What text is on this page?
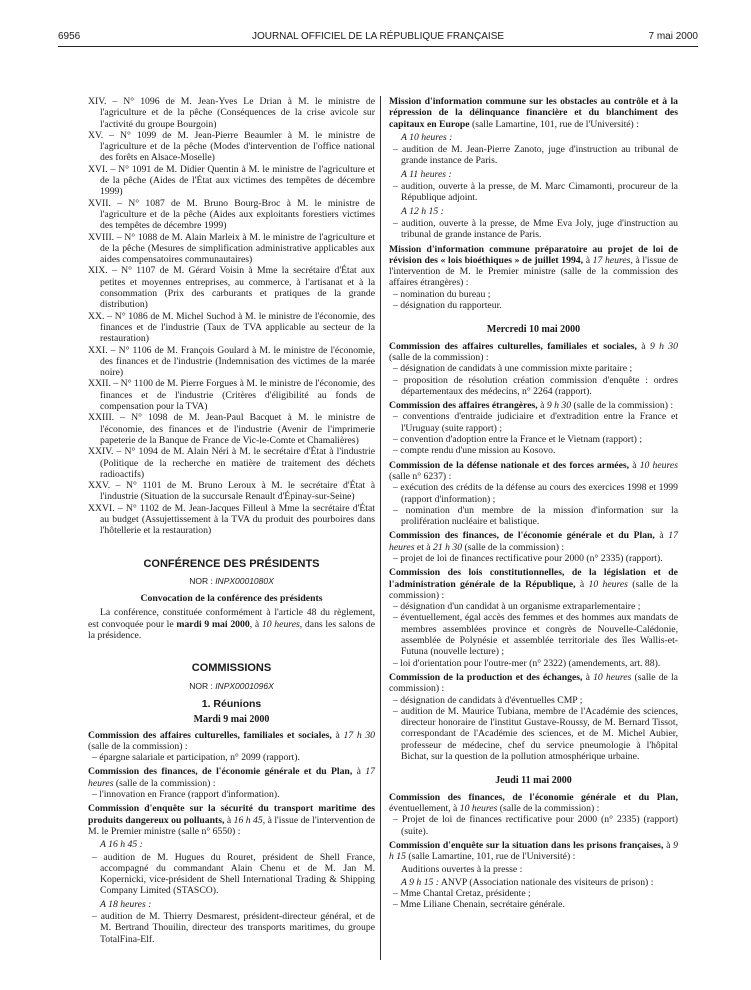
6956	JOURNAL OFFICIEL DE LA RÉPUBLIQUE FRANÇAISE	7 mai 2000

XIV. – N° 1096 de M. Jean-Yves Le Drian à M. le ministre de l'agriculture et de la pêche (Conséquences de la crise avicole sur l'activité du groupe Bourgoin)

XV. – N° 1099 de M. Jean-Pierre Beaumler à M. le ministre de l'agriculture et de la pêche (Modes d'intervention de l'office national des forêts en Alsace-Moselle)

XVI. – N° 1091 de M. Didier Quentin à M. le ministre de l'agriculture et de la pêche (Aides de l'État aux victimes des tempêtes de décembre 1999)

XVII. – N° 1087 de M. Bruno Bourg-Broc à M. le ministre de l'agriculture et de la pêche (Aides aux exploitants forestiers victimes des tempêtes de décembre 1999)

XVIII. – N° 1088 de M. Alain Marleix à M. le ministre de l'agriculture et de la pêche (Mesures de simplification administrative applicables aux aides compensatoires communautaires)

XIX. – N° 1107 de M. Gérard Voisin à Mme la secrétaire d'État aux petites et moyennes entreprises, au commerce, à l'artisanat et à la consommation (Prix des carburants et pratiques de la grande distribution)

XX. – N° 1086 de M. Michel Suchod à M. le ministre de l'économie, des finances et de l'industrie (Taux de TVA applicable au secteur de la restauration)

XXI. – N° 1106 de M. François Goulard à M. le ministre de l'économie, des finances et de l'industrie (Indemnisation des victimes de la marée noire)

XXII. – N° 1100 de M. Pierre Forgues à M. le ministre de l'économie, des finances et de l'industrie (Critères d'éligibilité au fonds de compensation pour la TVA)

XXIII. – N° 1098 de M. Jean-Paul Bacquet à M. le ministre de l'économie, des finances et de l'industrie (Avenir de l'imprimerie papeterie de la Banque de France de Vic-le-Comte et Chamalières)

XXIV. – N° 1094 de M. Alain Néri à M. le secrétaire d'État à l'industrie (Politique de la recherche en matière de traitement des déchets radioactifs)

XXV. – N° 1101 de M. Bruno Leroux à M. le secrétaire d'État à l'industrie (Situation de la succursale Renault d'Épinay-sur-Seine)

XXVI. – N° 1102 de M. Jean-Jacques Filleul à Mme la secrétaire d'État au budget (Assujettissement à la TVA du produit des pourboires dans l'hôtellerie et la restauration)

CONFÉRENCE DES PRÉSIDENTS

NOR : INPX0001080X

Convocation de la conférence des présidents

La conférence, constituée conformément à l'article 48 du règlement, est convoquée pour le mardi 9 mai 2000, à 10 heures, dans les salons de la présidence.

COMMISSIONS

NOR : INPX0001096X

1. Réunions

Mardi 9 mai 2000

Commission des affaires culturelles, familiales et sociales, à 17 h 30 (salle de la commission) :

– épargne salariale et participation, n° 2099 (rapport).

Commission des finances, de l'économie générale et du Plan, à 17 heures (salle de la commission) :

– l'innovation en France (rapport d'information).

Commission d'enquête sur la sécurité du transport maritime des produits dangereux ou polluants, à 16 h 45, à l'issue de l'intervention de M. le Premier ministre (salle n° 6550) :

A 16 h 45 :

– audition de M. Hugues du Rouret, président de Shell France, accompagné du commandant Alain Chenu et de M. Jan M. Kopernicki, vice-président de Shell International Trading & Shipping Company Limited (STASCO).

A 18 heures :

– audition de M. Thierry Desmarest, président-directeur général, et de M. Bertrand Thouilin, directeur des transports maritimes, du groupe TotalFina-Elf.

Mission d'information commune sur les obstacles au contrôle et à la répression de la délinquance financière et du blanchiment des capitaux en Europe (salle Lamartine, 101, rue de l'Université) :

A 10 heures :

– audition de M. Jean-Pierre Zanoto, juge d'instruction au tribunal de grande instance de Paris.

A 11 heures :

– audition, ouverte à la presse, de M. Marc Cimamonti, procureur de la République adjoint.

A 12 h 15 :

– audition, ouverte à la presse, de Mme Eva Joly, juge d'instruction au tribunal de grande instance de Paris.

Mission d'information commune préparatoire au projet de loi de révision des « lois bioéthiques » de juillet 1994, à 17 heures, à l'issue de l'intervention de M. le Premier ministre (salle de la commission des affaires étrangères) :

– nomination du bureau ;

– désignation du rapporteur.

Mercredi 10 mai 2000

Commission des affaires culturelles, familiales et sociales, à 9 h 30 (salle de la commission) :

– désignation de candidats à une commission mixte paritaire ;

– proposition de résolution création commission d'enquête : ordres départementaux des médecins, n° 2264 (rapport).

Commission des affaires étrangères, à 9 h 30 (salle de la commission) :

– conventions d'entraide judiciaire et d'extradition entre la France et l'Uruguay (suite rapport) ;

– convention d'adoption entre la France et le Vietnam (rapport) ;

– compte rendu d'une mission au Kosovo.

Commission de la défense nationale et des forces armées, à 10 heures (salle n° 6237) :

– exécution des crédits de la défense au cours des exercices 1998 et 1999 (rapport d'information) ;

– nomination d'un membre de la mission d'information sur la prolifération nucléaire et balistique.

Commission des finances, de l'économie générale et du Plan, à 17 heures et à 21 h 30 (salle de la commission) :

– projet de loi de finances rectificative pour 2000 (n° 2335) (rapport).

Commission des lois constitutionnelles, de la législation et de l'administration générale de la République, à 10 heures (salle de la commission) :

– désignation d'un candidat à un organisme extraparlementaire ;

– éventuellement, égal accès des femmes et des hommes aux mandats de membres assemblées province et congrès de Nouvelle-Calédonie, assemblée de Polynésie et assemblée territoriale des îles Wallis-et-Futuna (nouvelle lecture) ;

– loi d'orientation pour l'outre-mer (n° 2322) (amendements, art. 88).

Commission de la production et des échanges, à 10 heures (salle de la commission) :

– désignation de candidats à d'éventuelles CMP ;

– audition de M. Maurice Tubiana, membre de l'Académie des sciences, directeur honoraire de l'institut Gustave-Roussy, de M. Bernard Tissot, correspondant de l'Académie des sciences, et de M. Michel Aubier, professeur de médecine, chef du service pneumologie à l'hôpital Bichat, sur la question de la pollution atmosphérique urbaine.

Jeudi 11 mai 2000

Commission des finances, de l'économie générale et du Plan, éventuellement, à 10 heures (salle de la commission) :

– Projet de loi de finances rectificative pour 2000 (n° 2335) (rapport) (suite).

Commission d'enquête sur la situation dans les prisons françaises, à 9 h 15 (salle Lamartine, 101, rue de l'Université) :

Auditions ouvertes à la presse :

A 9 h 15 : ANVP (Association nationale des visiteurs de prison) :

– Mme Chantal Cretaz, présidente ;

– Mme Liliane Chenain, secrétaire générale.
